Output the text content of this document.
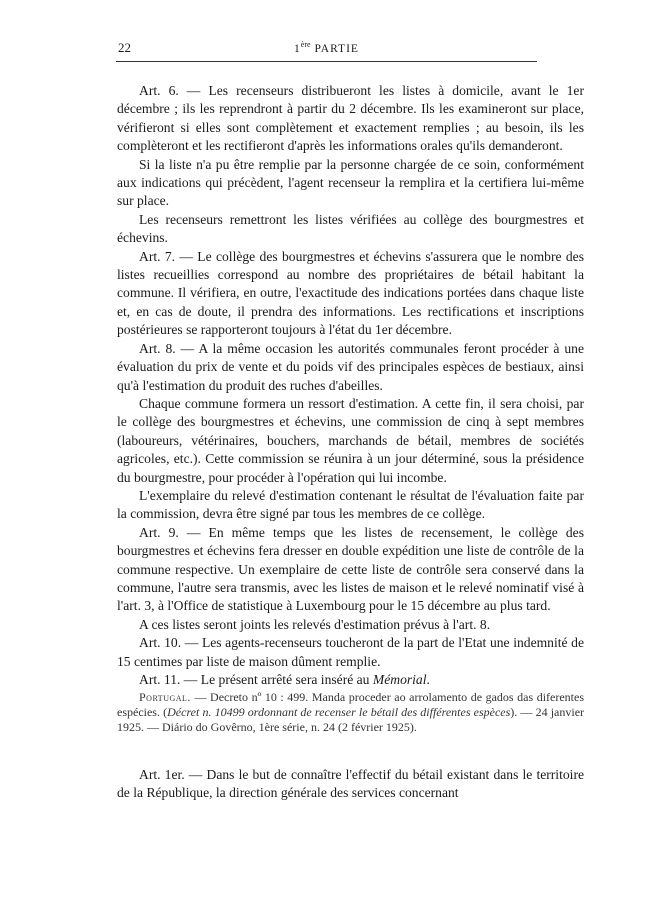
22	1ère PARTIE

Art. 6. — Les recenseurs distribueront les listes à domicile, avant le 1er décembre ; ils les reprendront à partir du 2 décembre. Ils les examineront sur place, vérifieront si elles sont complètement et exactement remplies ; au besoin, ils les complèteront et les rectifieront d'après les informations orales qu'ils demanderont.

Si la liste n'a pu être remplie par la personne chargée de ce soin, conformément aux indications qui précèdent, l'agent recenseur la remplira et la certifiera lui-même sur place.

Les recenseurs remettront les listes vérifiées au collège des bourgmestres et échevins.

Art. 7. — Le collège des bourgmestres et échevins s'assurera que le nombre des listes recueillies correspond au nombre des propriétaires de bétail habitant la commune. Il vérifiera, en outre, l'exactitude des indications portées dans chaque liste et, en cas de doute, il prendra des informations. Les rectifications et inscriptions postérieures se rapporteront toujours à l'état du 1er décembre.

Art. 8. — A la même occasion les autorités communales feront procéder à une évaluation du prix de vente et du poids vif des principales espèces de bestiaux, ainsi qu'à l'estimation du produit des ruches d'abeilles.

Chaque commune formera un ressort d'estimation. A cette fin, il sera choisi, par le collège des bourgmestres et échevins, une commission de cinq à sept membres (laboureurs, vétérinaires, bouchers, marchands de bétail, membres de sociétés agricoles, etc.). Cette commission se réunira à un jour déterminé, sous la présidence du bourgmestre, pour procéder à l'opération qui lui incombe.

L'exemplaire du relevé d'estimation contenant le résultat de l'évaluation faite par la commission, devra être signé par tous les membres de ce collège.

Art. 9. — En même temps que les listes de recensement, le collège des bourgmestres et échevins fera dresser en double expédition une liste de contrôle de la commune respective. Un exemplaire de cette liste de contrôle sera conservé dans la commune, l'autre sera transmis, avec les listes de maison et le relevé nominatif visé à l'art. 3, à l'Office de statistique à Luxembourg pour le 15 décembre au plus tard.

A ces listes seront joints les relevés d'estimation prévus à l'art. 8.

Art. 10. — Les agents-recenseurs toucheront de la part de l'Etat une indemnité de 15 centimes par liste de maison dûment remplie.

Art. 11. — Le présent arrêté sera inséré au Mémorial.

Portugal. — Decreto nº 10 : 499. Manda proceder ao arrolamento de gados das diferentes espécies. (Décret n. 10499 ordonnant de recenser le bétail des différentes espèces). — 24 janvier 1925. — Diário do Govêrno, 1ère série, n. 24 (2 février 1925).

Art. 1er. — Dans le but de connaître l'effectif du bétail existant dans le territoire de la République, la direction générale des services concernant
